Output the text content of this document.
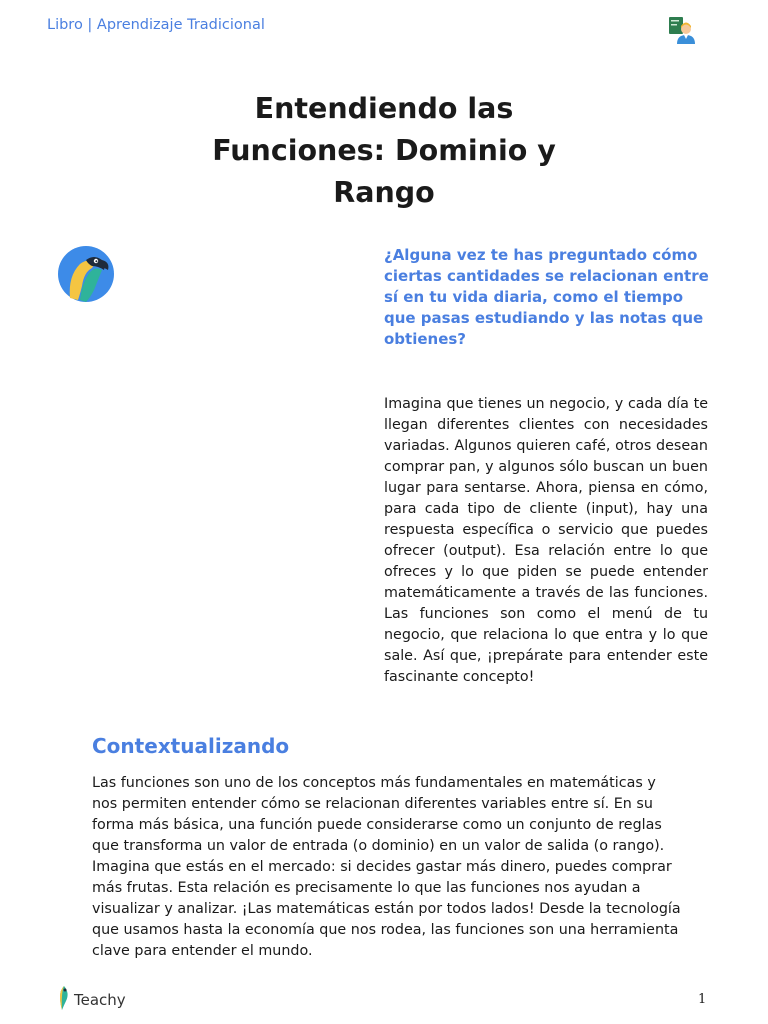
Libro | Aprendizaje Tradicional
Entendiendo las Funciones: Dominio y Rango
¿Alguna vez te has preguntado cómo ciertas cantidades se relacionan entre sí en tu vida diaria, como el tiempo que pasas estudiando y las notas que obtienes?
Imagina que tienes un negocio, y cada día te llegan diferentes clientes con necesidades variadas. Algunos quieren café, otros desean comprar pan, y algunos sólo buscan un buen lugar para sentarse. Ahora, piensa en cómo, para cada tipo de cliente (input), hay una respuesta específica o servicio que puedes ofrecer (output). Esa relación entre lo que ofreces y lo que piden se puede entender matemáticamente a través de las funciones. Las funciones son como el menú de tu negocio, que relaciona lo que entra y lo que sale. Así que, ¡prepárate para entender este fascinante concepto!
Contextualizando
Las funciones son uno de los conceptos más fundamentales en matemáticas y nos permiten entender cómo se relacionan diferentes variables entre sí. En su forma más básica, una función puede considerarse como un conjunto de reglas que transforma un valor de entrada (o dominio) en un valor de salida (o rango). Imagina que estás en el mercado: si decides gastar más dinero, puedes comprar más frutas. Esta relación es precisamente lo que las funciones nos ayudan a visualizar y analizar. ¡Las matemáticas están por todos lados! Desde la tecnología que usamos hasta la economía que nos rodea, las funciones son una herramienta clave para entender el mundo.
Teachy	1
